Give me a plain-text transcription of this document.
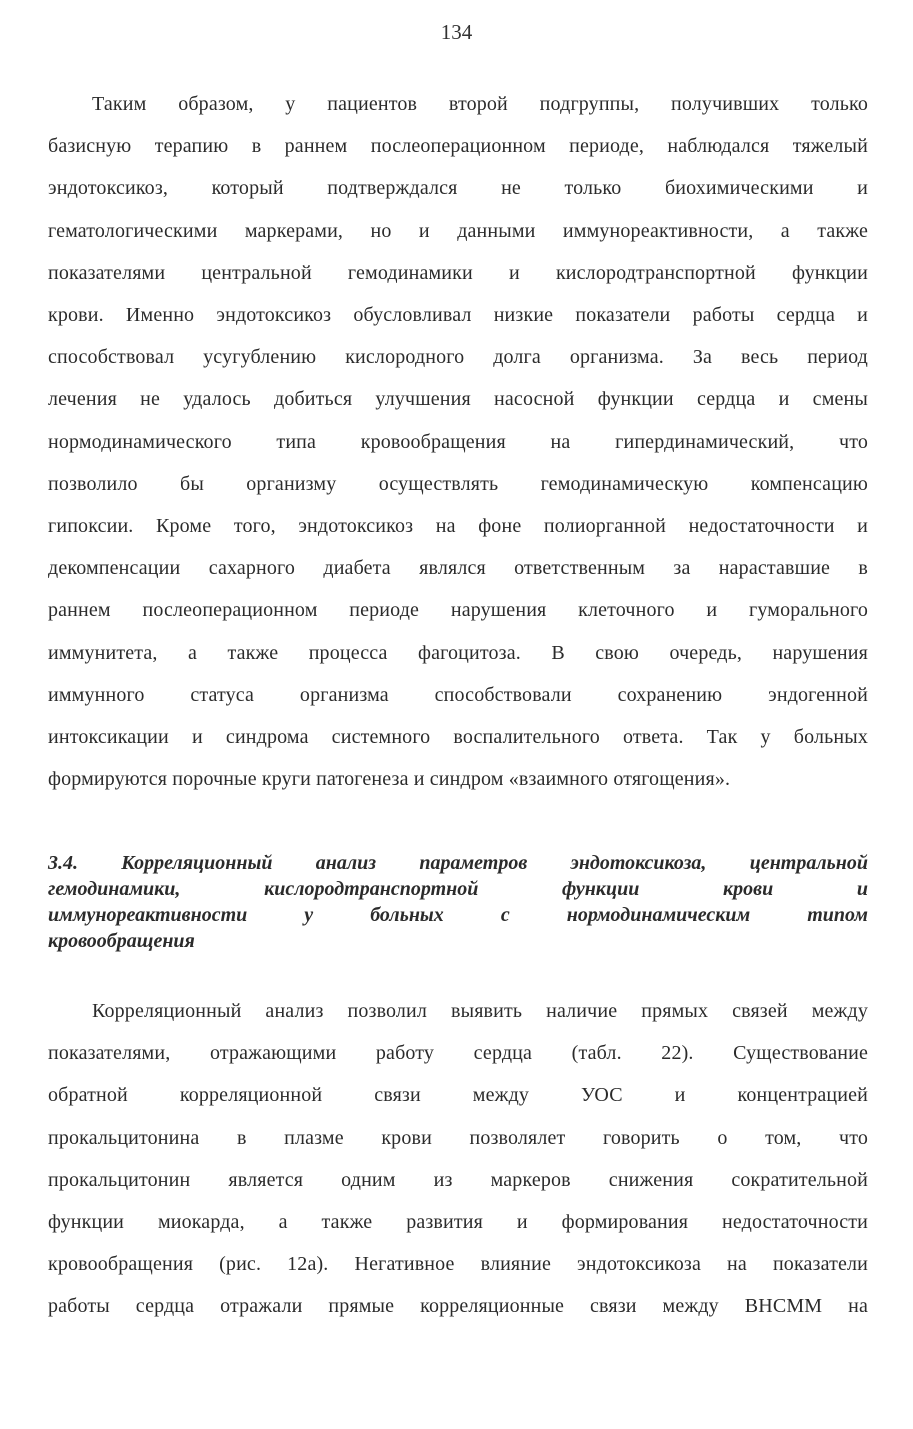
134
Таким образом, у пациентов второй подгруппы, получивших только
базисную терапию в раннем послеоперационном периоде, наблюдался тяжелый
эндотоксикоз, который подтверждался не только биохимическими и
гематологическими маркерами, но и данными иммунореактивности, а также
показателями центральной гемодинамики и кислородтранспортной функции
крови. Именно эндотоксикоз обусловливал низкие показатели работы сердца и
способствовал усугублению кислородного долга организма. За весь период
лечения не удалось добиться улучшения насосной функции сердца и смены
нормодинамического типа кровообращения на гипердинамический, что
позволило бы организму осуществлять гемодинамическую компенсацию
гипоксии. Кроме того, эндотоксикоз на фоне полиорганной недостаточности и
декомпенсации сахарного диабета являлся ответственным за нараставшие в
раннем послеоперационном периоде нарушения клеточного и гуморального
иммунитета, а также процесса фагоцитоза. В свою очередь, нарушения
иммунного статуса организма способствовали сохранению эндогенной
интоксикации и синдрома системного воспалительного ответа. Так у больных
формируются порочные круги патогенеза и синдром «взаимного отягощения».
3.4. Корреляционный анализ параметров эндотоксикоза, центральной
гемодинамики, кислородтранспортной функции крови и
иммунореактивности у больных с нормодинамическим типом
кровообращения
Корреляционный анализ позволил выявить наличие прямых связей между
показателями, отражающими работу сердца (табл. 22). Существование
обратной корреляционной связи между УОС и концентрацией
прокальцитонина в плазме крови позволялет говорить о том, что
прокальцитонин является одним из маркеров снижения сократительной
функции миокарда, а также развития и формирования недостаточности
кровообращения (рис. 12а). Негативное влияние эндотоксикоза на показатели
работы сердца отражали прямые корреляционные связи между ВНСММ на
